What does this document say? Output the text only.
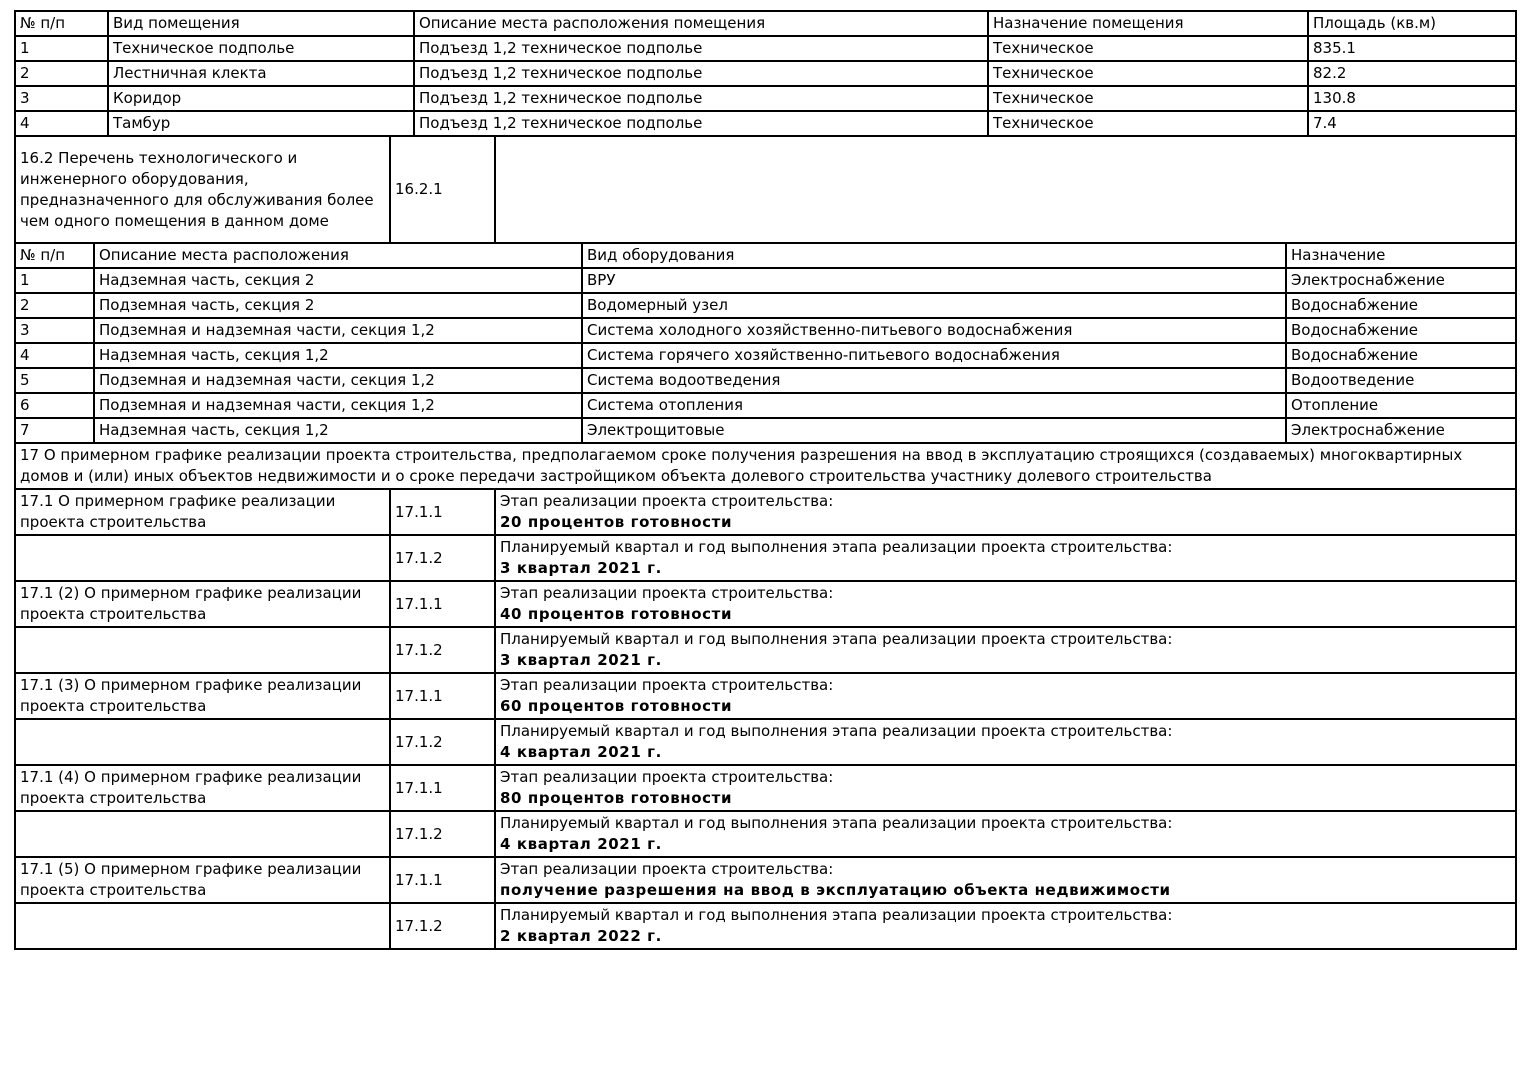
№ п/п	Вид помещения	Описание места расположения помещения	Назначение помещения	Площадь (кв.м)
1	Техническое подполье	Подъезд 1,2 техническое подполье	Техническое	835.1
2	Лестничная клекта	Подъезд 1,2 техническое подполье	Техническое	82.2
3	Коридор	Подъезд 1,2 техническое подполье	Техническое	130.8
4	Тамбур	Подъезд 1,2 техническое подполье	Техническое	7.4
16.2 Перечень технологического и инженерного оборудования, предназначенного для обслуживания более чем одного помещения в данном доме	16.2.1	
№ п/п	Описание места расположения	Вид оборудования	Назначение
1	Надземная часть, секция 2	ВРУ	Электроснабжение
2	Подземная часть, секция 2	Водомерный узел	Водоснабжение
3	Подземная и надземная части, секция 1,2	Система холодного хозяйственно-питьевого водоснабжения	Водоснабжение
4	Надземная часть, секция 1,2	Система горячего хозяйственно-питьевого водоснабжения	Водоснабжение
5	Подземная и надземная части, секция 1,2	Система водоотведения	Водоотведение
6	Подземная и надземная части, секция 1,2	Система отопления	Отопление
7	Надземная часть, секция 1,2	Электрощитовые	Электроснабжение
17 О примерном графике реализации проекта строительства, предполагаемом сроке получения разрешения на ввод в эксплуатацию строящихся (создаваемых) многоквартирных домов и (или) иных объектов недвижимости и о сроке передачи застройщиком объекта долевого строительства участнику долевого строительства
17.1 О примерном графике реализации проекта строительства	17.1.1	Этап реализации проекта строительства:
20 процентов готовности

	17.1.2	Планируемый квартал и год выполнения этапа реализации проекта строительства:
3 квартал 2021 г.
17.1 (2) О примерном графике реализации проекта строительства	17.1.1	Этап реализации проекта строительства:
40 процентов готовности

	17.1.2	Планируемый квартал и год выполнения этапа реализации проекта строительства:
3 квартал 2021 г.
17.1 (3) О примерном графике реализации проекта строительства	17.1.1	Этап реализации проекта строительства:
60 процентов готовности

	17.1.2	Планируемый квартал и год выполнения этапа реализации проекта строительства:
4 квартал 2021 г.
17.1 (4) О примерном графике реализации проекта строительства	17.1.1	Этап реализации проекта строительства:
80 процентов готовности

	17.1.2	Планируемый квартал и год выполнения этапа реализации проекта строительства:
4 квартал 2021 г.
17.1 (5) О примерном графике реализации проекта строительства	17.1.1	Этап реализации проекта строительства:
получение разрешения на ввод в эксплуатацию объекта недвижимости

	17.1.2	Планируемый квартал и год выполнения этапа реализации проекта строительства:
2 квартал 2022 г.
